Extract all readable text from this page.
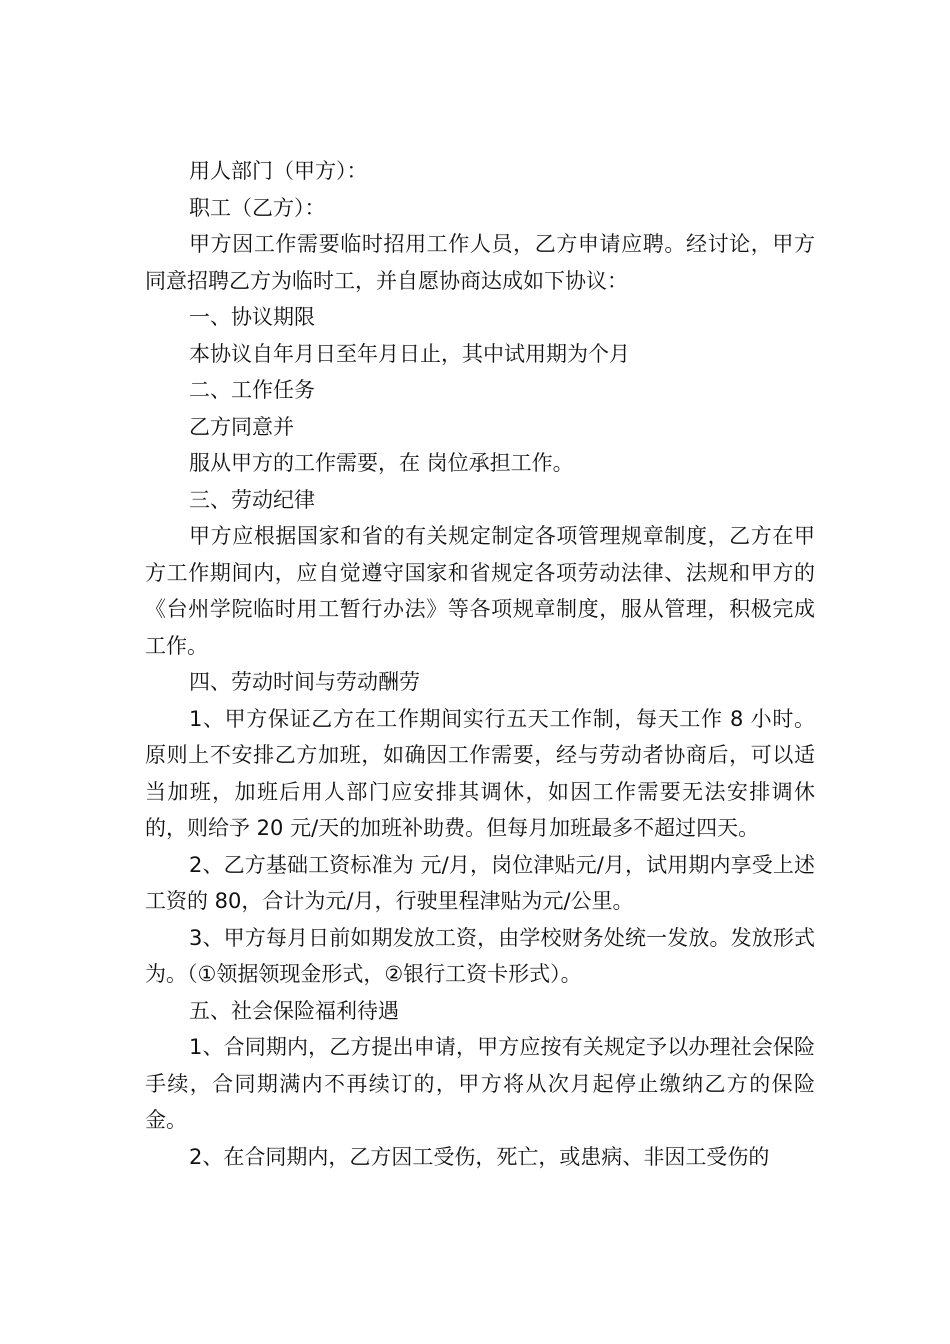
用人部门（甲方）：

职工（乙方）：

甲方因工作需要临时招用工作人员，乙方申请应聘。经讨论，甲方同意招聘乙方为临时工，并自愿协商达成如下协议：

一、协议期限

本协议自年月日至年月日止，其中试用期为个月

二、工作任务

乙方同意并

服从甲方的工作需要，在 岗位承担工作。

三、劳动纪律

甲方应根据国家和省的有关规定制定各项管理规章制度，乙方在甲方工作期间内，应自觉遵守国家和省规定各项劳动法律、法规和甲方的《台州学院临时用工暂行办法》等各项规章制度，服从管理，积极完成工作。

四、劳动时间与劳动酬劳

1、甲方保证乙方在工作期间实行五天工作制，每天工作 8 小时。原则上不安排乙方加班，如确因工作需要，经与劳动者协商后，可以适当加班，加班后用人部门应安排其调休，如因工作需要无法安排调休的，则给予 20 元/天的加班补助费。但每月加班最多不超过四天。

2、乙方基础工资标准为 元/月，岗位津贴元/月，试用期内享受上述工资的 80，合计为元/月，行驶里程津贴为元/公里。

3、甲方每月日前如期发放工资，由学校财务处统一发放。发放形式为。（①领据领现金形式，②银行工资卡形式）。

五、社会保险福利待遇

1、合同期内，乙方提出申请，甲方应按有关规定予以办理社会保险手续，合同期满内不再续订的，甲方将从次月起停止缴纳乙方的保险金。

2、在合同期内，乙方因工受伤，死亡，或患病、非因工受伤的
